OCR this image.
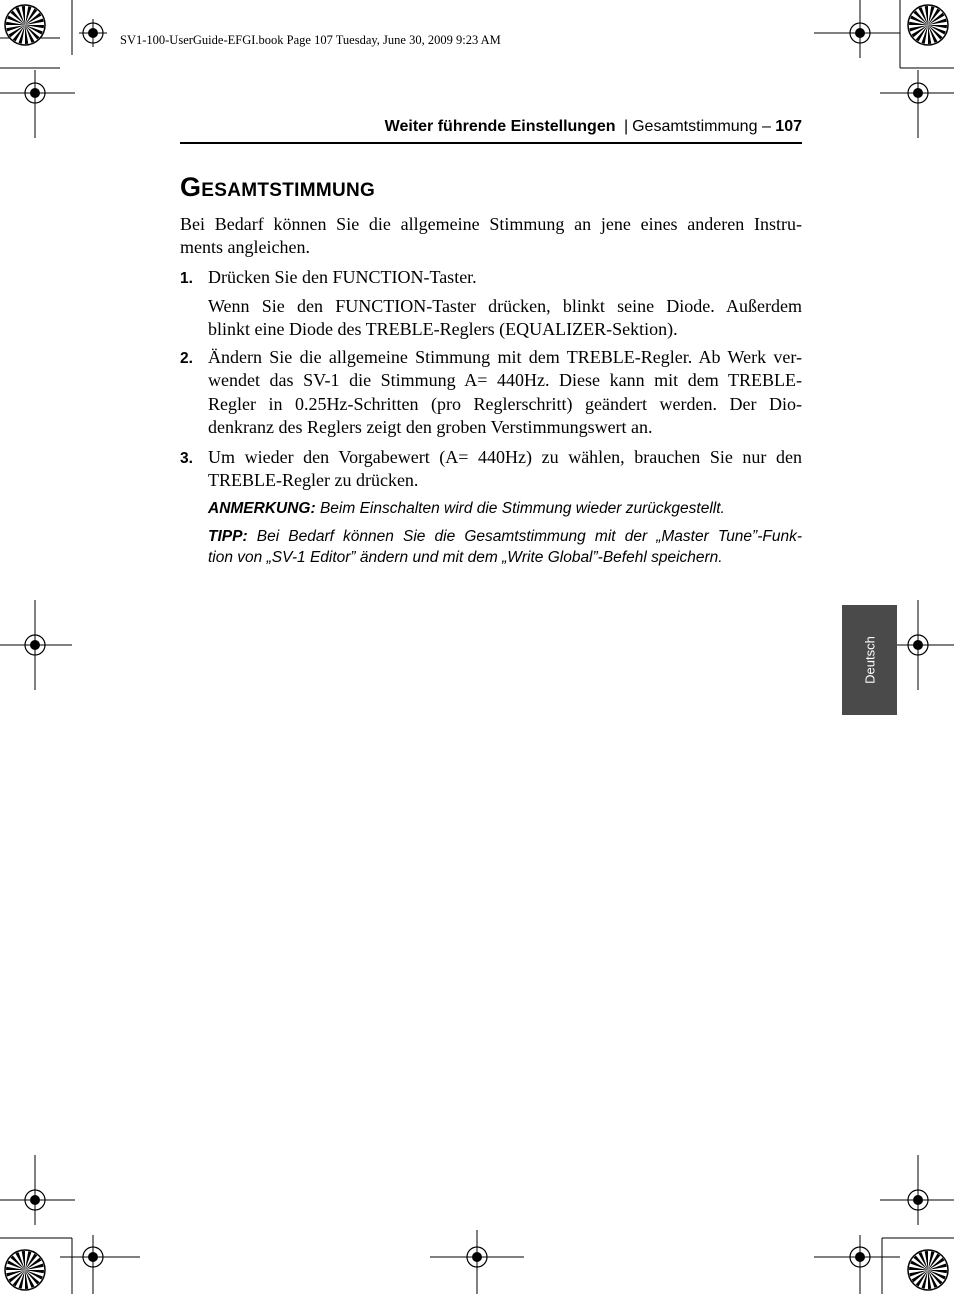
SV1-100-UserGuide-EFGI.book Page 107 Tuesday, June 30, 2009 9:23 AM
Weiter führende Einstellungen | Gesamtstimmung – 107
Gesamtstimmung
Bei Bedarf können Sie die allgemeine Stimmung an jene eines anderen Instru-
ments angleichen.
1. Drücken Sie den FUNCTION-Taster.
Wenn Sie den FUNCTION-Taster drücken, blinkt seine Diode. Außerdem
blinkt eine Diode des TREBLE-Reglers (EQUALIZER-Sektion).
2. Ändern Sie die allgemeine Stimmung mit dem TREBLE-Regler. Ab Werk ver-
wendet das SV-1 die Stimmung A= 440Hz. Diese kann mit dem TREBLE-
Regler in 0.25Hz-Schritten (pro Reglerschritt) geändert werden. Der Dio-
denkranz des Reglers zeigt den groben Verstimmungswert an.
3. Um wieder den Vorgabewert (A= 440Hz) zu wählen, brauchen Sie nur den
TREBLE-Regler zu drücken.
ANMERKUNG: Beim Einschalten wird die Stimmung wieder zurückgestellt.
TIPP: Bei Bedarf können Sie die Gesamtstimmung mit der „Master Tune”-Funk-
tion von „SV-1 Editor” ändern und mit dem „Write Global”-Befehl speichern.
Deutsch
